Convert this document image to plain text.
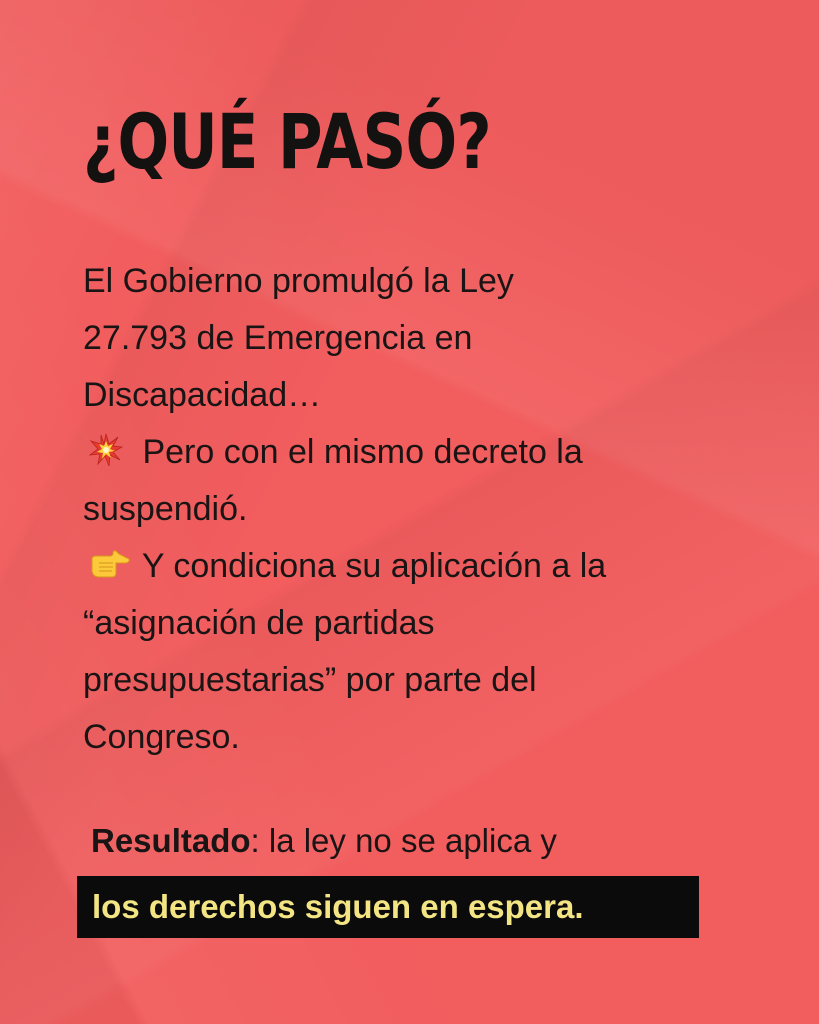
¿QUÉ PASÓ?

El Gobierno promulgó la Ley

27.793 de Emergencia en

Discapacidad…

Pero con el mismo decreto la

suspendió.

Y condiciona su aplicación a la

“asignación de partidas

presupuestarias” por parte del

Congreso.

Resultado: la ley no se aplica y
los derechos siguen en espera.
